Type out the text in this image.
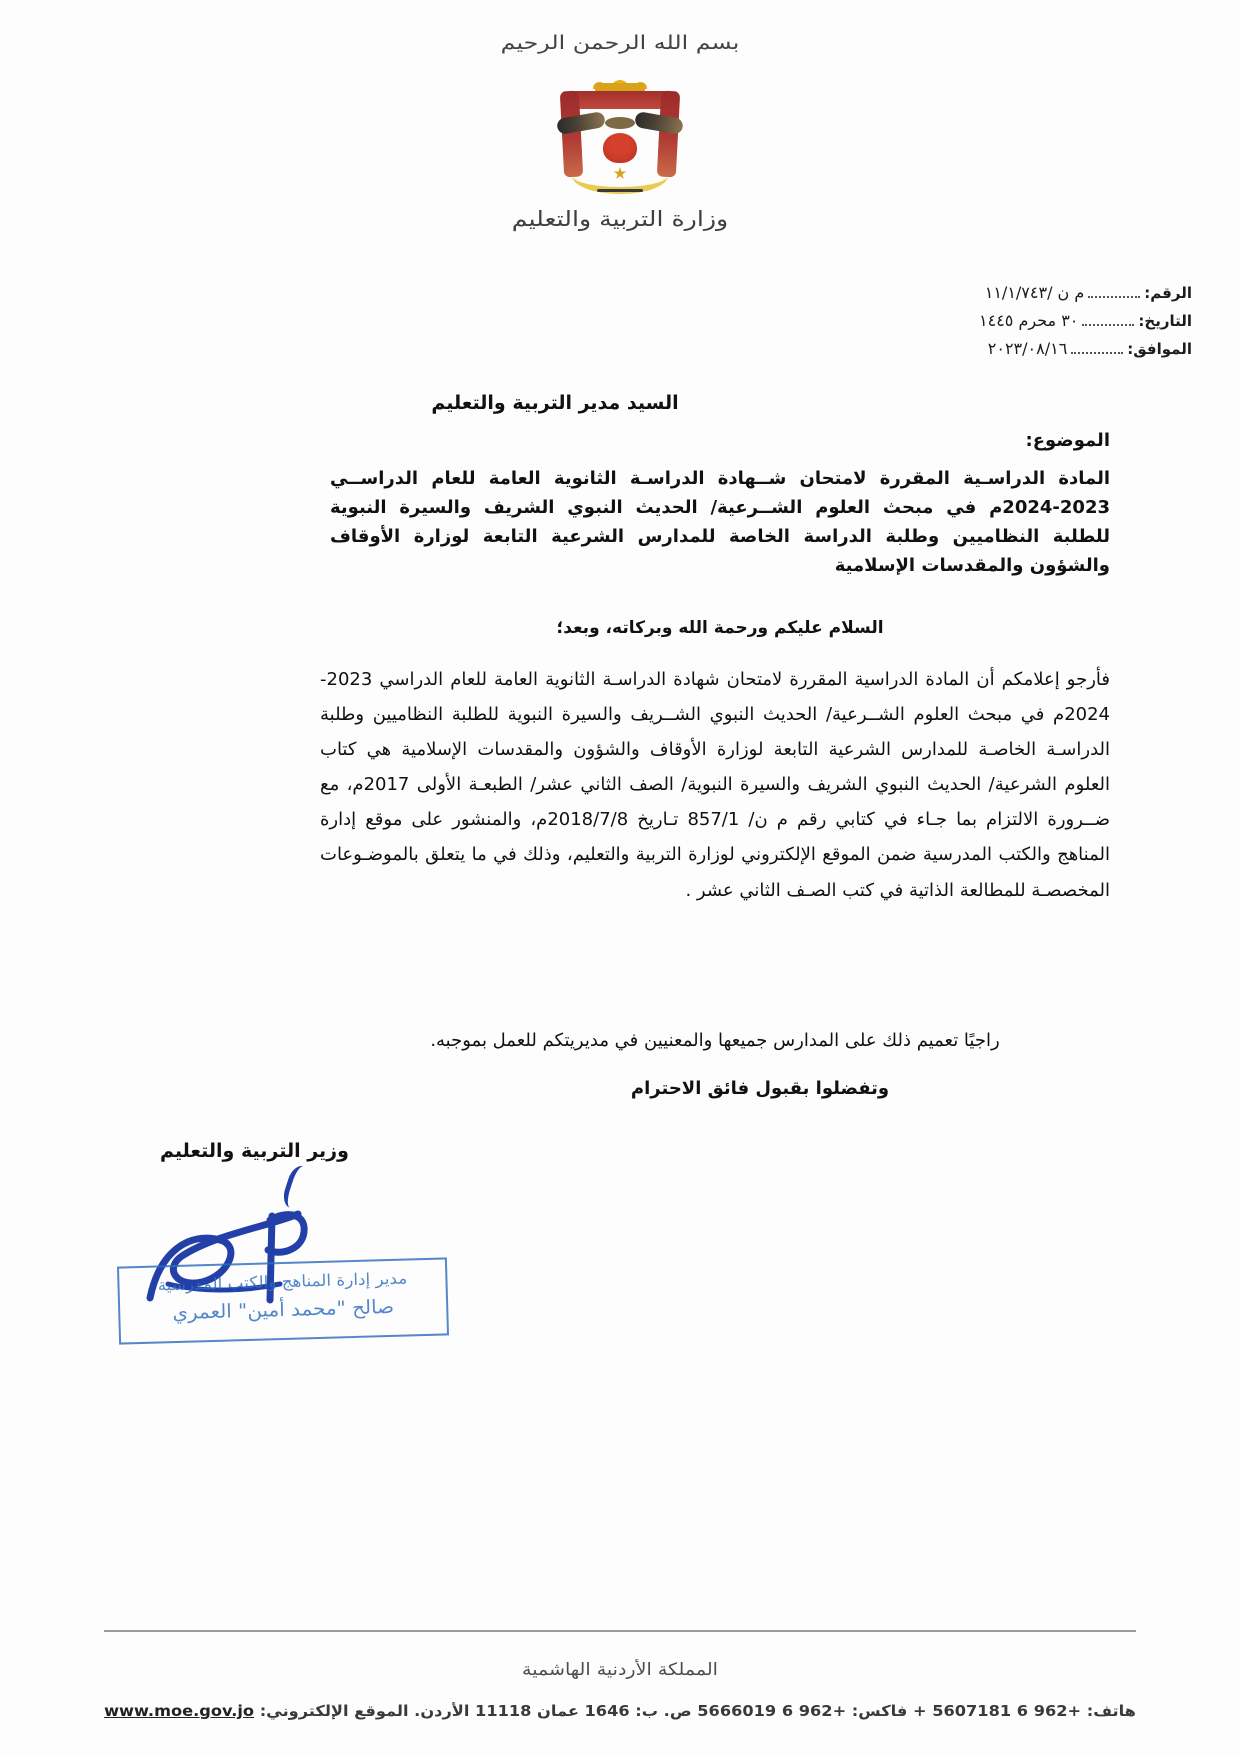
بسم الله الرحمن الرحيم
وزارة التربية والتعليم
الرقم:
م ن /١١/١/٧٤٣
التاريخ:
٣٠ محرم ١٤٤٥
الموافق:
٢٠٢٣/٠٨/١٦
السيد مدير التربية والتعليم
الموضوع:
المادة الدراسـية المقررة لامتحان شــهادة الدراسـة الثانوية العامة للعام الدراســي 2023-2024م في مبحث العلوم الشــرعية/ الحديث النبوي الشريف والسيرة النبوية للطلبة النظاميين وطلبة الدراسة الخاصة للمدارس الشرعية التابعة لوزارة الأوقاف والشؤون والمقدسات الإسلامية
السلام عليكم ورحمة الله وبركاته، وبعد؛
فأرجو إعلامكم أن المادة الدراسية المقررة لامتحان شهادة الدراسـة الثانوية العامة للعام الدراسي 2023-2024م في مبحث العلوم الشــرعية/ الحديث النبوي الشــريف والسيرة النبوية للطلبة النظاميين وطلبة الدراسـة الخاصـة للمدارس الشرعية التابعة لوزارة الأوقاف والشؤون والمقدسات الإسلامية هي كتاب العلوم الشرعية/ الحديث النبوي الشريف والسيرة النبوية/ الصف الثاني عشر/ الطبعـة الأولى 2017م، مع ضــرورة الالتزام بما جـاء في كتابي رقم م ن/ 857/1 تـاريخ 2018/7/8م، والمنشور على موقع إدارة المناهج والكتب المدرسية ضمن الموقع الإلكتروني لوزارة التربية والتعليم، وذلك في ما يتعلق بالموضـوعات المخصصـة للمطالعة الذاتية في كتب الصـف الثاني عشر .
راجيًا تعميم ذلك على المدارس جميعها والمعنيين في مديريتكم للعمل بموجبه.
وتفضلوا بقبول فائق الاحترام
وزير التربية والتعليم
مدير إدارة المناهج والكتب المدرسية
صالح "محمد أمين" العمري
المملكة الأردنية الهاشمية
هاتف: +962 6 5607181 + فاكس: +962 6 5666019 ص. ب: 1646 عمان 11118 الأردن. الموقع الإلكتروني: www.moe.gov.jo
